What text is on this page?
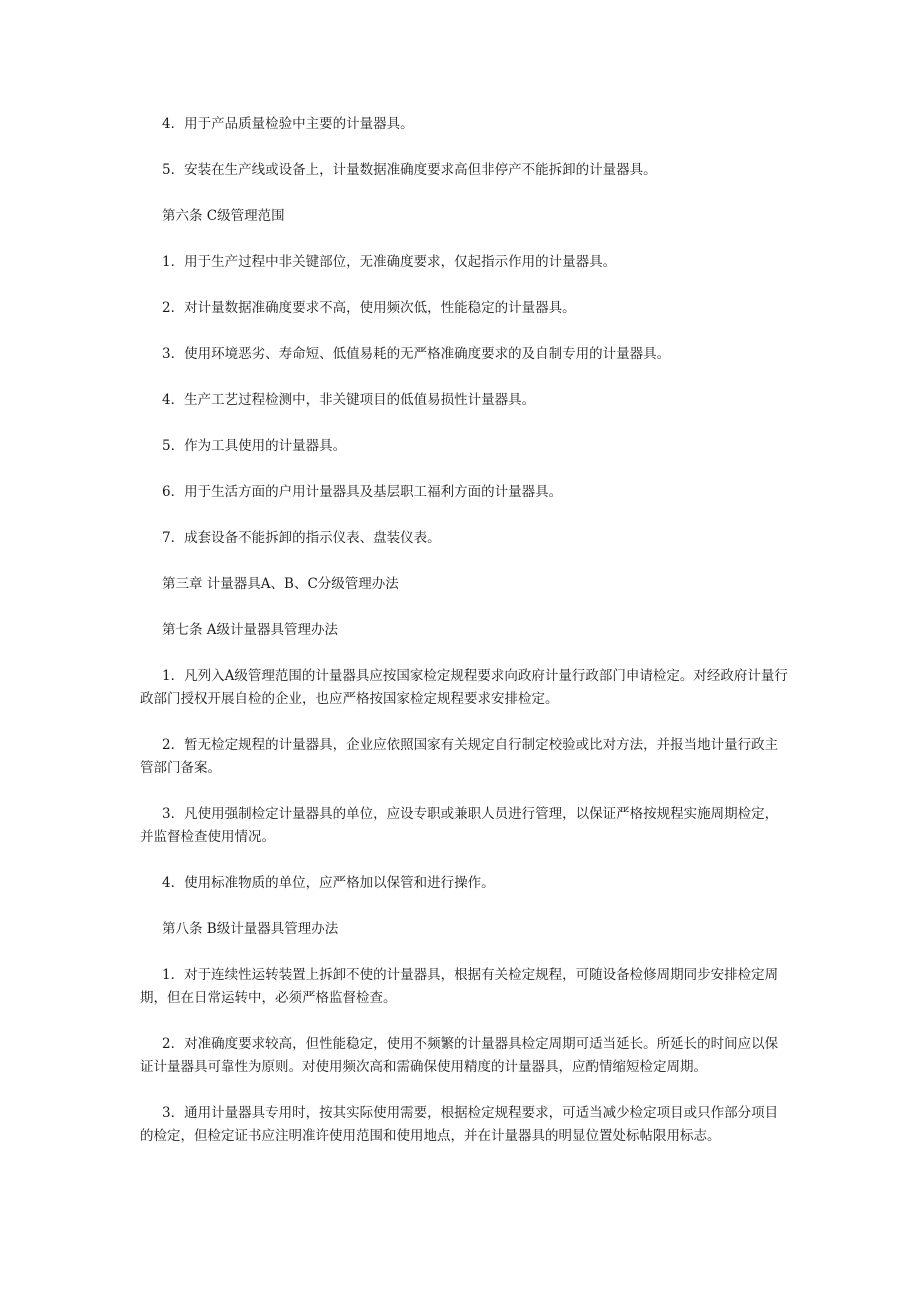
4．用于产品质量检验中主要的计量器具。

5．安装在生产线或设备上，计量数据准确度要求高但非停产不能拆卸的计量器具。

第六条 C级管理范围

1．用于生产过程中非关键部位，无准确度要求，仅起指示作用的计量器具。

2．对计量数据准确度要求不高，使用频次低，性能稳定的计量器具。

3．使用环境恶劣、寿命短、低值易耗的无严格准确度要求的及自制专用的计量器具。

4．生产工艺过程检测中，非关键项目的低值易损性计量器具。

5．作为工具使用的计量器具。

6．用于生活方面的户用计量器具及基层职工福利方面的计量器具。

7．成套设备不能拆卸的指示仪表、盘装仪表。

第三章 计量器具A、B、C分级管理办法

第七条 A级计量器具管理办法

1．凡列入A级管理范围的计量器具应按国家检定规程要求向政府计量行政部门申请检定。对经政府计量行政部门授权开展自检的企业，也应严格按国家检定规程要求安排检定。

2．暂无检定规程的计量器具，企业应依照国家有关规定自行制定校验或比对方法，并报当地计量行政主管部门备案。

3．凡使用强制检定计量器具的单位，应设专职或兼职人员进行管理，以保证严格按规程实施周期检定，并监督检查使用情况。

4．使用标准物质的单位，应严格加以保管和进行操作。

第八条 B级计量器具管理办法

1．对于连续性运转装置上拆卸不使的计量器具，根据有关检定规程，可随设备检修周期同步安排检定周期，但在日常运转中，必须严格监督检查。

2．对准确度要求较高，但性能稳定，使用不频繁的计量器具检定周期可适当延长。所延长的时间应以保证计量器具可靠性为原则。对使用频次高和需确保使用精度的计量器具，应酌情缩短检定周期。

3．通用计量器具专用时，按其实际使用需要，根据检定规程要求，可适当减少检定项目或只作部分项目的检定，但检定证书应注明准许使用范围和使用地点，并在计量器具的明显位置处标帖限用标志。
